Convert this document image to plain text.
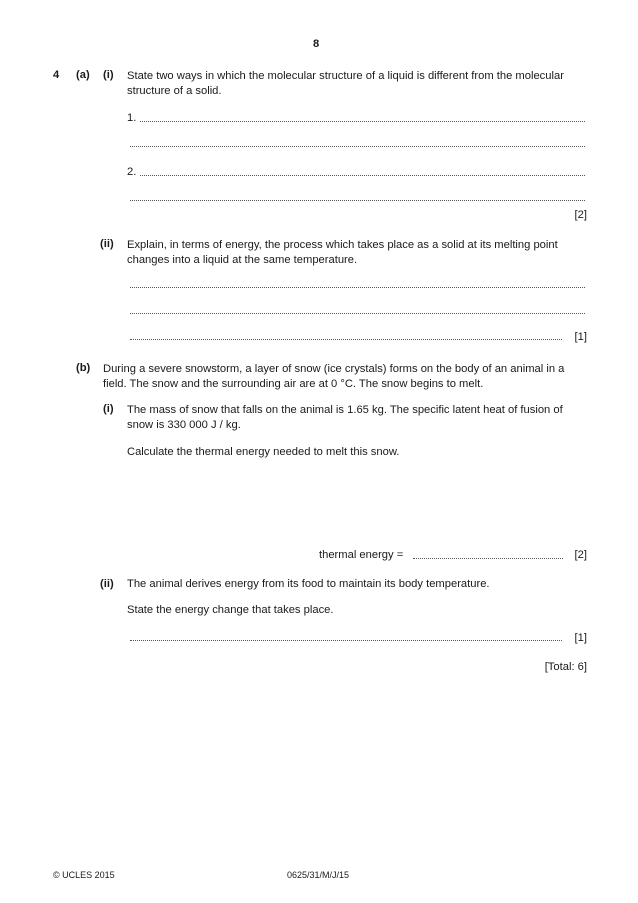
8
4 (a) (i) State two ways in which the molecular structure of a liquid is different from the molecular structure of a solid.
1.
2.
[2]
(ii) Explain, in terms of energy, the process which takes place as a solid at its melting point changes into a liquid at the same temperature.
[1]
(b) During a severe snowstorm, a layer of snow (ice crystals) forms on the body of an animal in a field. The snow and the surrounding air are at 0 °C. The snow begins to melt.
(i) The mass of snow that falls on the animal is 1.65 kg. The specific latent heat of fusion of snow is 330 000 J / kg.
Calculate the thermal energy needed to melt this snow.
thermal energy =	[2]
(ii) The animal derives energy from its food to maintain its body temperature.
State the energy change that takes place.
[1]
[Total: 6]
© UCLES 2015	0625/31/M/J/15
